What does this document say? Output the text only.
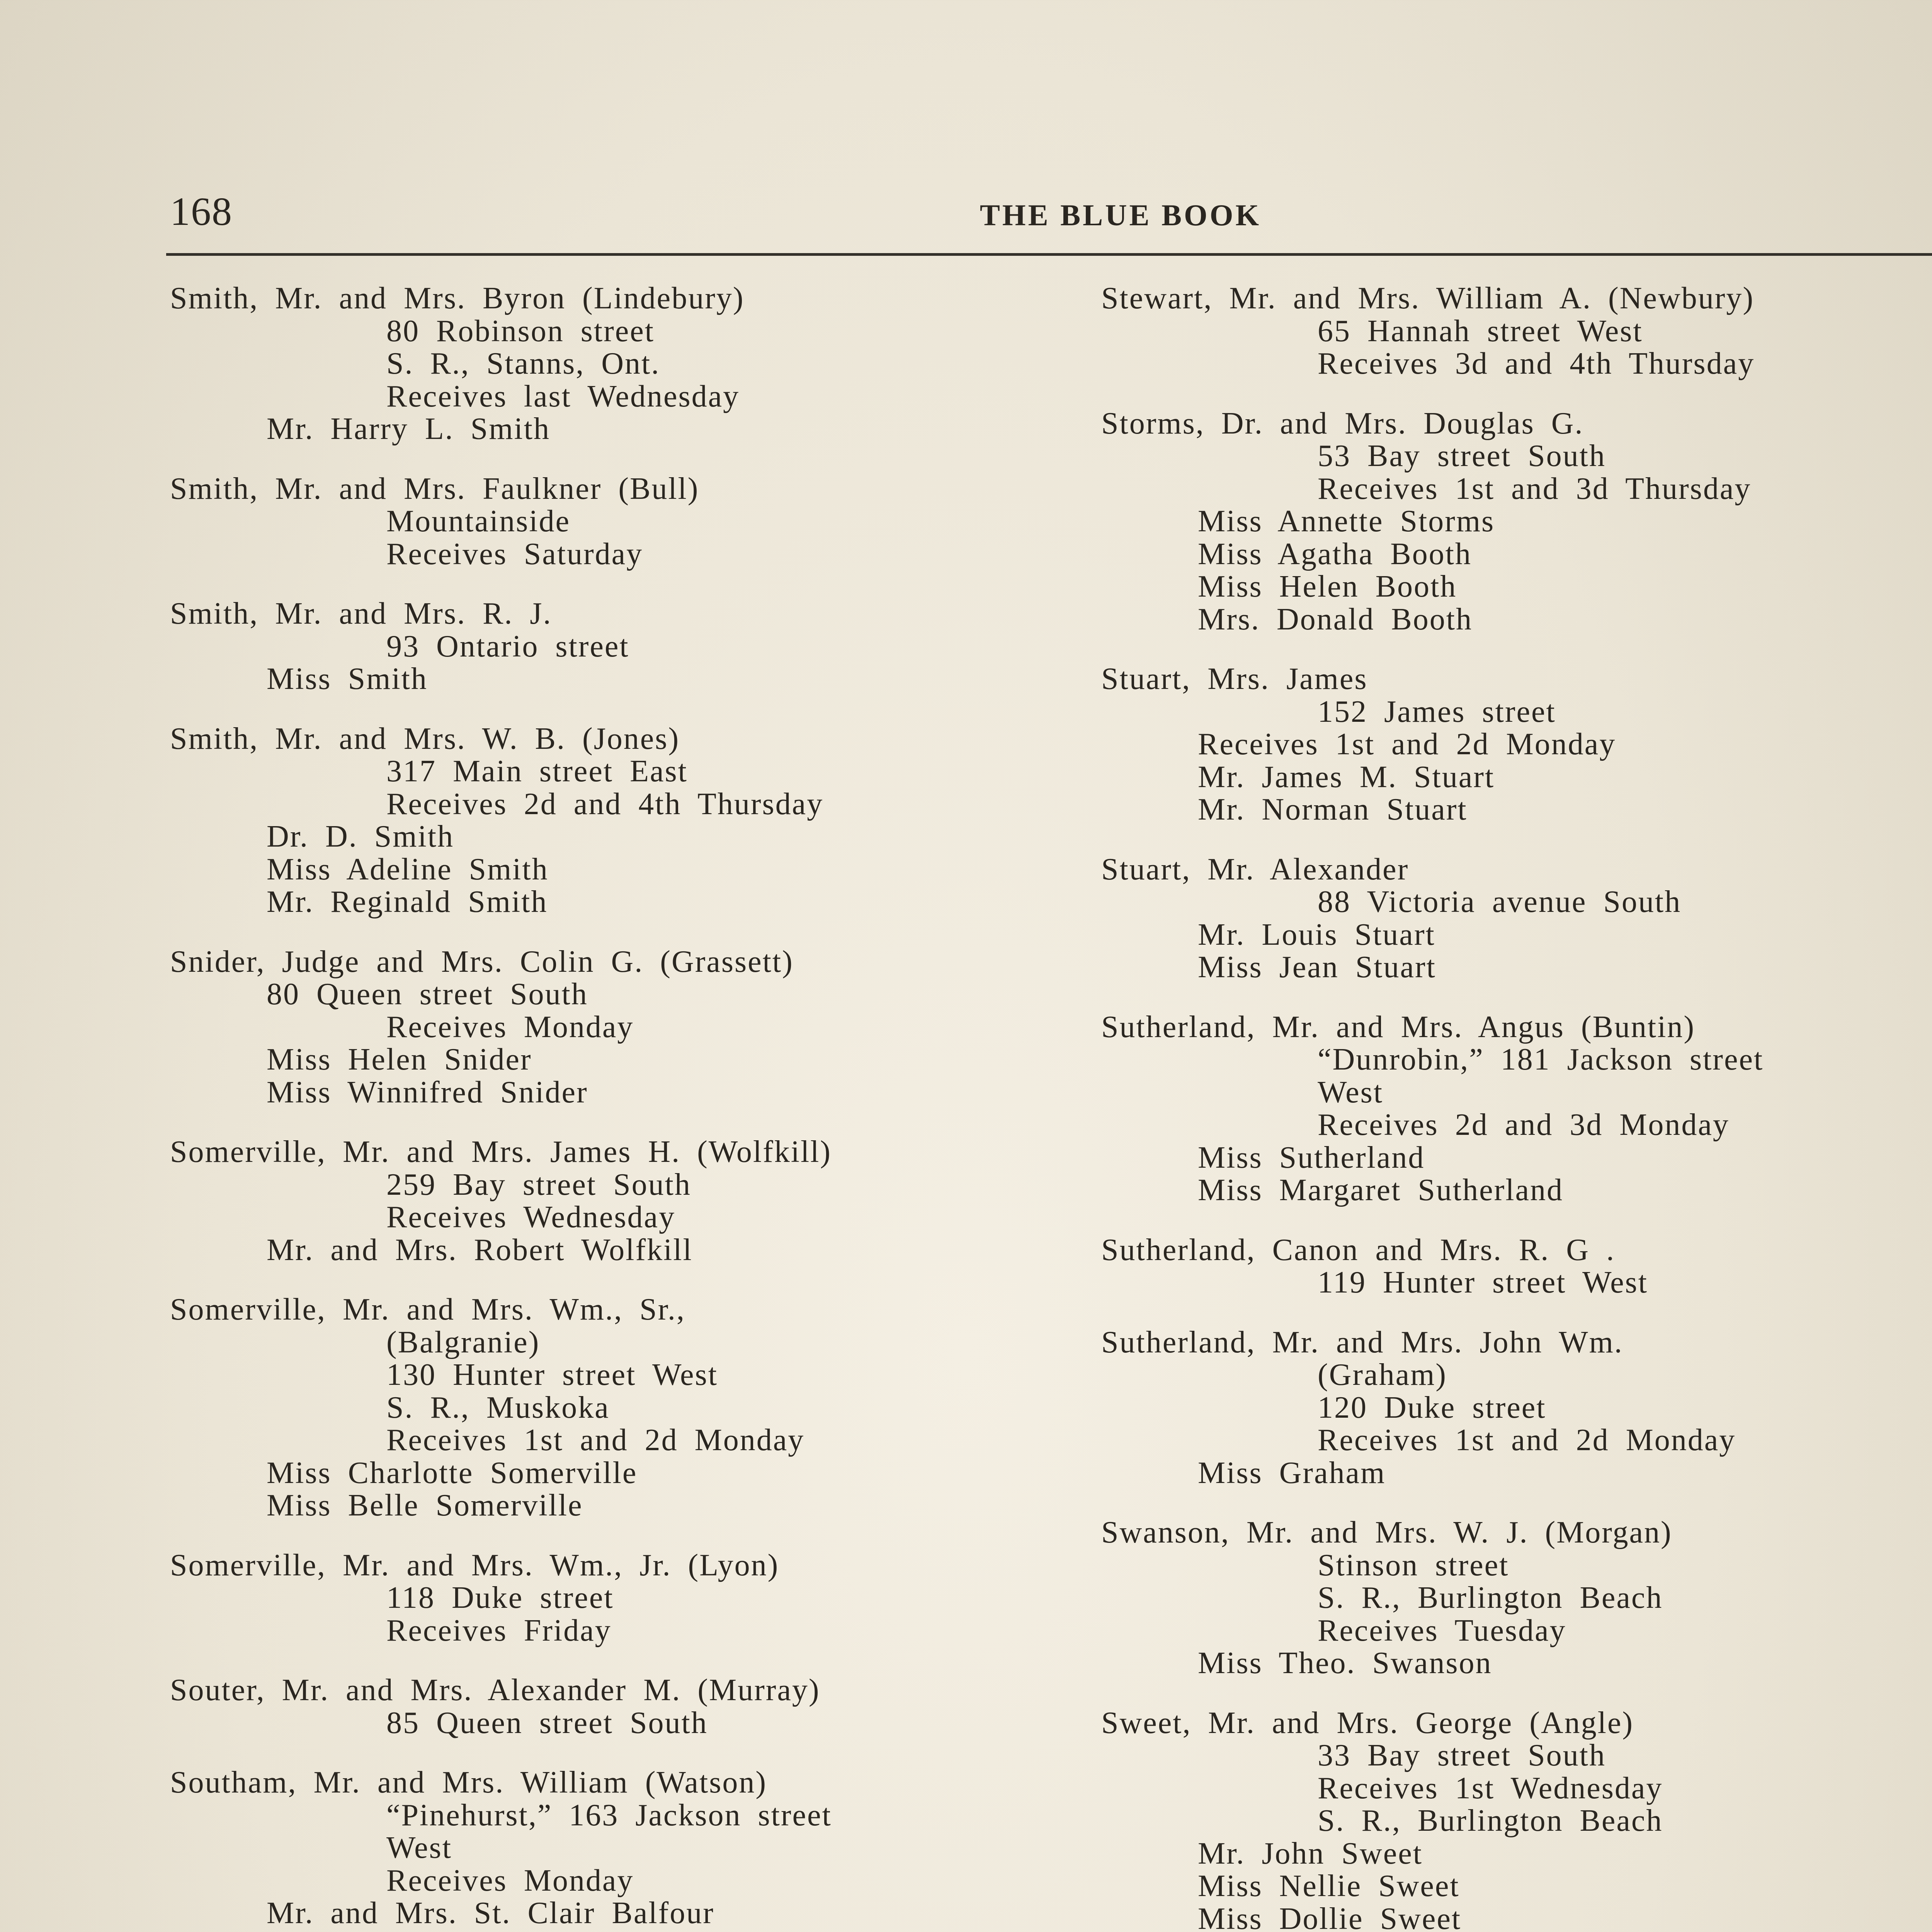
168	THE BLUE BOOK
Smith, Mr. and Mrs. Byron (Lindebury)
80 Robinson street
S. R., Stanns, Ont.
Receives last Wednesday
Mr. Harry L. Smith
Smith, Mr. and Mrs. Faulkner (Bull)
Mountainside
Receives Saturday
Smith, Mr. and Mrs. R. J.
93 Ontario street
Miss Smith
Smith, Mr. and Mrs. W. B. (Jones)
317 Main street East
Receives 2d and 4th Thursday
Dr. D. Smith
Miss Adeline Smith
Mr. Reginald Smith
Snider, Judge and Mrs. Colin G. (Grassett)
80 Queen street South
Receives Monday
Miss Helen Snider
Miss Winnifred Snider
Somerville, Mr. and Mrs. James H. (Wolfkill)
259 Bay street South
Receives Wednesday
Mr. and Mrs. Robert Wolfkill
Somerville, Mr. and Mrs. Wm., Sr.,
(Balgranie)
130 Hunter street West
S. R., Muskoka
Receives 1st and 2d Monday
Miss Charlotte Somerville
Miss Belle Somerville
Somerville, Mr. and Mrs. Wm., Jr. (Lyon)
118 Duke street
Receives Friday
Souter, Mr. and Mrs. Alexander M. (Murray)
85 Queen street South
Southam, Mr. and Mrs. William (Watson)
“Pinehurst,” 163 Jackson street
West
Receives Monday
Mr. and Mrs. St. Clair Balfour
Stewart, Mr. and Mrs. William A. (Newbury)
65 Hannah street West
Receives 3d and 4th Thursday
Storms, Dr. and Mrs. Douglas G.
53 Bay street South
Receives 1st and 3d Thursday
Miss Annette Storms
Miss Agatha Booth
Miss Helen Booth
Mrs. Donald Booth
Stuart, Mrs. James
152 James street
Receives 1st and 2d Monday
Mr. James M. Stuart
Mr. Norman Stuart
Stuart, Mr. Alexander
88 Victoria avenue South
Mr. Louis Stuart
Miss Jean Stuart
Sutherland, Mr. and Mrs. Angus (Buntin)
“Dunrobin,” 181 Jackson street
West
Receives 2d and 3d Monday
Miss Sutherland
Miss Margaret Sutherland
Sutherland, Canon and Mrs. R. G .
119 Hunter street West
Sutherland, Mr. and Mrs. John Wm.
(Graham)
120 Duke street
Receives 1st and 2d Monday
Miss Graham
Swanson, Mr. and Mrs. W. J. (Morgan)
Stinson street
S. R., Burlington Beach
Receives Tuesday
Miss Theo. Swanson
Sweet, Mr. and Mrs. George (Angle)
33 Bay street South
Receives 1st Wednesday
S. R., Burlington Beach
Mr. John Sweet
Miss Nellie Sweet
Miss Dollie Sweet
